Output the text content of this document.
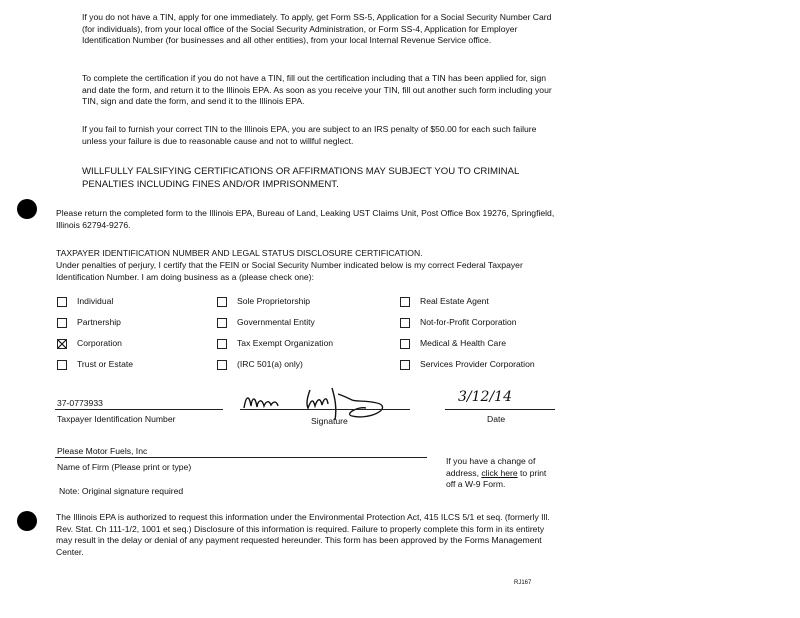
If you do not have a TIN, apply for one immediately. To apply, get Form SS-5, Application for a Social Security Number Card (for individuals), from your local office of the Social Security Administration, or Form SS-4, Application for Employer Identification Number (for businesses and all other entities), from your local Internal Revenue Service office.
To complete the certification if you do not have a TIN, fill out the certification including that a TIN has been applied for, sign and date the form, and return it to the Illinois EPA. As soon as you receive your TIN, fill out another such form including your TIN, sign and date the form, and send it to the Illinois EPA.
If you fail to furnish your correct TIN to the Illinois EPA, you are subject to an IRS penalty of $50.00 for each such failure unless your failure is due to reasonable cause and not to willful neglect.
WILLFULLY FALSIFYING CERTIFICATIONS OR AFFIRMATIONS MAY SUBJECT YOU TO CRIMINAL PENALTIES INCLUDING FINES AND/OR IMPRISONMENT.
Please return the completed form to the Illinois EPA, Bureau of Land, Leaking UST Claims Unit, Post Office Box 19276, Springfield, Illinois 62794-9276.
TAXPAYER IDENTIFICATION NUMBER AND LEGAL STATUS DISCLOSURE CERTIFICATION.
Under penalties of perjury, I certify that the FEIN or Social Security Number indicated below is my correct Federal Taxpayer Identification Number. I am doing business as a (please check one):
Individual
Partnership
Corporation
Trust or Estate
Sole Proprietorship
Governmental Entity
Tax Exempt Organization
(IRC 501(a) only)
Real Estate Agent
Not-for-Profit Corporation
Medical & Health Care
Services Provider Corporation
37-0773933
Taxpayer Identification Number	Signature
3/12/14
Date
Please Motor Fuels, Inc
Name of Firm (Please print or type)
Note: Original signature required
If you have a change of
address, click here to print
off a W-9 Form.
The Illinois EPA is authorized to request this information under the Environmental Protection Act, 415 ILCS 5/1 et seq. (formerly Ill. Rev. Stat. Ch 111-1/2, 1001 et seq.) Disclosure of this information is required. Failure to properly complete this form in its entirety may result in the delay or denial of any payment requested hereunder. This form has been approved by the Forms Management Center.
RJ167
